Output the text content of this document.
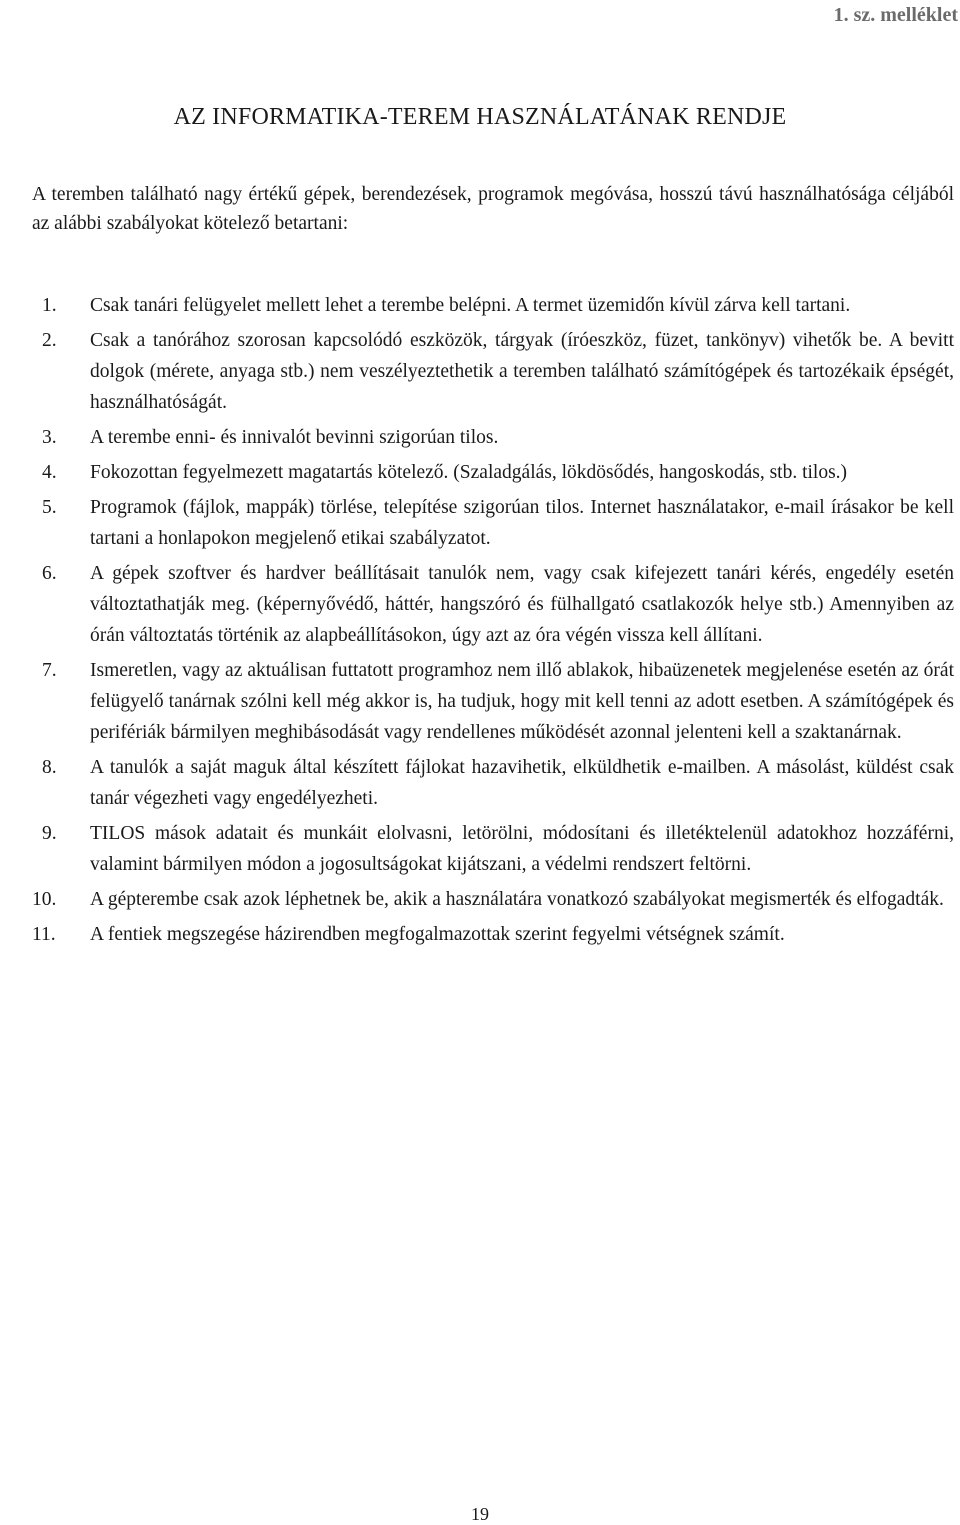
1. sz. melléklet
AZ INFORMATIKA-TEREM HASZNÁLATÁNAK RENDJE
A teremben található nagy értékű gépek, berendezések, programok megóvása, hosszú távú használhatósága céljából az alábbi szabályokat kötelező betartani:
1.	Csak tanári felügyelet mellett lehet a terembe belépni. A termet üzemidőn kívül zárva kell tartani.
2.	Csak a tanórához szorosan kapcsolódó eszközök, tárgyak (íróeszköz, füzet, tankönyv) vihetők be. A bevitt dolgok (mérete, anyaga stb.) nem veszélyeztethetik a teremben található számítógépek és tartozékaik épségét, használhatóságát.
3.	A terembe enni- és innivalót bevinni szigorúan tilos.
4.	Fokozottan fegyelmezett magatartás kötelező. (Szaladgálás, lökdösődés, hangoskodás, stb. tilos.)
5.	Programok (fájlok, mappák) törlése, telepítése szigorúan tilos. Internet használatakor, e-mail írásakor be kell tartani a honlapokon megjelenő etikai szabályzatot.
6.	A gépek szoftver és hardver beállításait tanulók nem, vagy csak kifejezett tanári kérés, engedély esetén változtathatják meg. (képernyővédő, háttér, hangszóró és fülhallgató csatlakozók helye stb.) Amennyiben az órán változtatás történik az alapbeállításokon, úgy azt az óra végén vissza kell állítani.
7.	Ismeretlen, vagy az aktuálisan futtatott programhoz nem illő ablakok, hibaüzenetek megjelenése esetén az órát felügyelő tanárnak szólni kell még akkor is, ha tudjuk, hogy mit kell tenni az adott esetben. A számítógépek és perifériák bármilyen meghibásodását vagy rendellenes működését azonnal jelenteni kell a szaktanárnak.
8.	A tanulók a saját maguk által készített fájlokat hazavihetik, elküldhetik e-mailben. A másolást, küldést csak tanár végezheti vagy engedélyezheti.
9.	TILOS mások adatait és munkáit elolvasni, letörölni, módosítani és illetéktelenül adatokhoz hozzáférni, valamint bármilyen módon a jogosultságokat kijátszani, a védelmi rendszert feltörni.
10.	A gépterembe csak azok léphetnek be, akik a használatára vonatkozó szabályokat megismerték és elfogadták.
11.	A fentiek megszegése házirendben megfogalmazottak szerint fegyelmi vétségnek számít.
19
